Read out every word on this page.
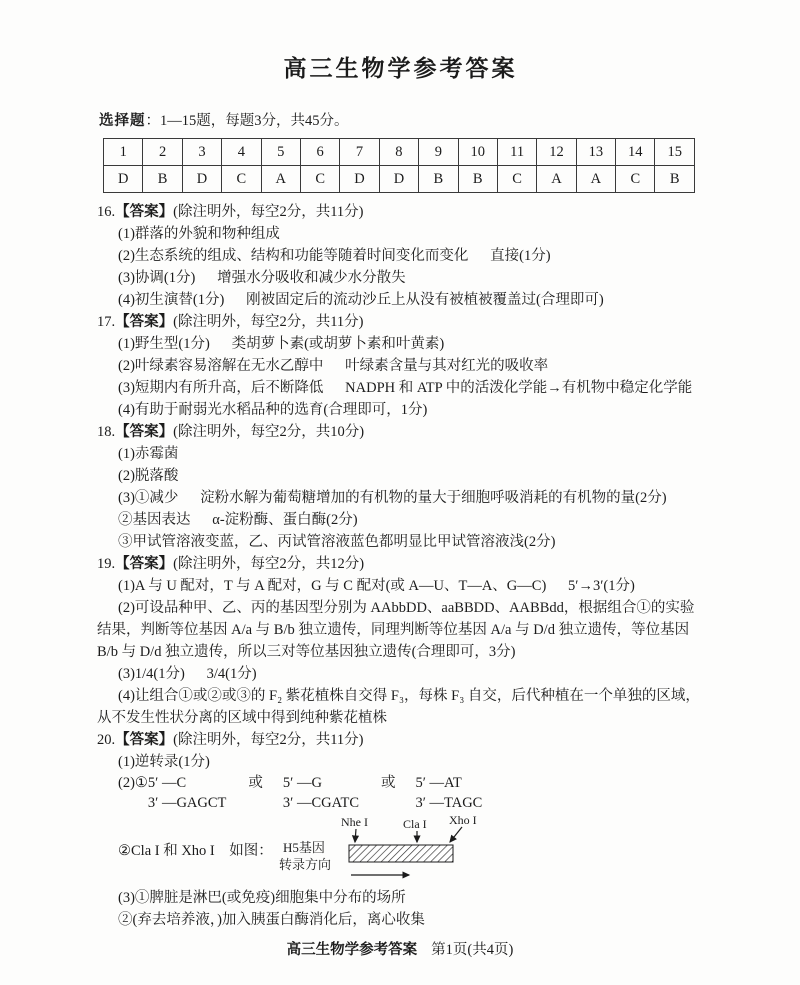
高三生物学参考答案

选择题：1—15题，每题3分，共45分。

1	2	3	4	5	6	7	8	9	10	11	12	13	14	15
D	B	D	C	A	C	D	D	B	B	C	A	A	C	B

16.【答案】(除注明外，每空2分，共11分)

(1)群落的外貌和物种组成

(2)生态系统的组成、结构和功能等随着时间变化而变化      直接(1分)

(3)协调(1分)      增强水分吸收和减少水分散失

(4)初生演替(1分)      刚被固定后的流动沙丘上从没有被植被覆盖过(合理即可)

17.【答案】(除注明外，每空2分，共11分)

(1)野生型(1分)      类胡萝卜素(或胡萝卜素和叶黄素)

(2)叶绿素容易溶解在无水乙醇中      叶绿素含量与其对红光的吸收率

(3)短期内有所升高，后不断降低      NADPH 和 ATP 中的活泼化学能→有机物中稳定化学能

(4)有助于耐弱光水稻品种的选育(合理即可，1分)

18.【答案】(除注明外，每空2分，共10分)

(1)赤霉菌

(2)脱落酸

(3)①减少      淀粉水解为葡萄糖增加的有机物的量大于细胞呼吸消耗的有机物的量(2分)

②基因表达      α-淀粉酶、蛋白酶(2分)

③甲试管溶液变蓝，乙、丙试管溶液蓝色都明显比甲试管溶液浅(2分)

19.【答案】(除注明外，每空2分，共12分)

(1)A 与 U 配对，T 与 A 配对，G 与 C 配对(或 A—U、T—A、G—C)      5′→3′(1分)

(2)可设品种甲、乙、丙的基因型分别为 AAbbDD、aaBBDD、AABBdd，根据组合①的实验结果，判断等位基因 A/a 与 B/b 独立遗传，同理判断等位基因 A/a 与 D/d 独立遗传，等位基因 B/b 与 D/d 独立遗传，所以三对等位基因独立遗传(合理即可，3分)

(3)1/4(1分)      3/4(1分)

(4)让组合①或②或③的 F₂ 紫花植株自交得 F₃，每株 F₃ 自交，后代种植在一个单独的区域，从不发生性状分离的区域中得到纯种紫花植株

20.【答案】(除注明外，每空2分，共11分)

(1)逆转录(1分)

(2)① 5′ —C
3′ —GAGCT
或 5′ —G
3′ —CGATC
或 5′ —AT
3′ —TAGC
②Cla I 和 Xho I    如图： H5基因
转录方向
Nhe I	Cla I Xho I

(3)①脾脏是淋巴(或免疫)细胞集中分布的场所

②(弃去培养液，)加入胰蛋白酶消化后，离心收集

高三生物学参考答案 第1页(共4页)
